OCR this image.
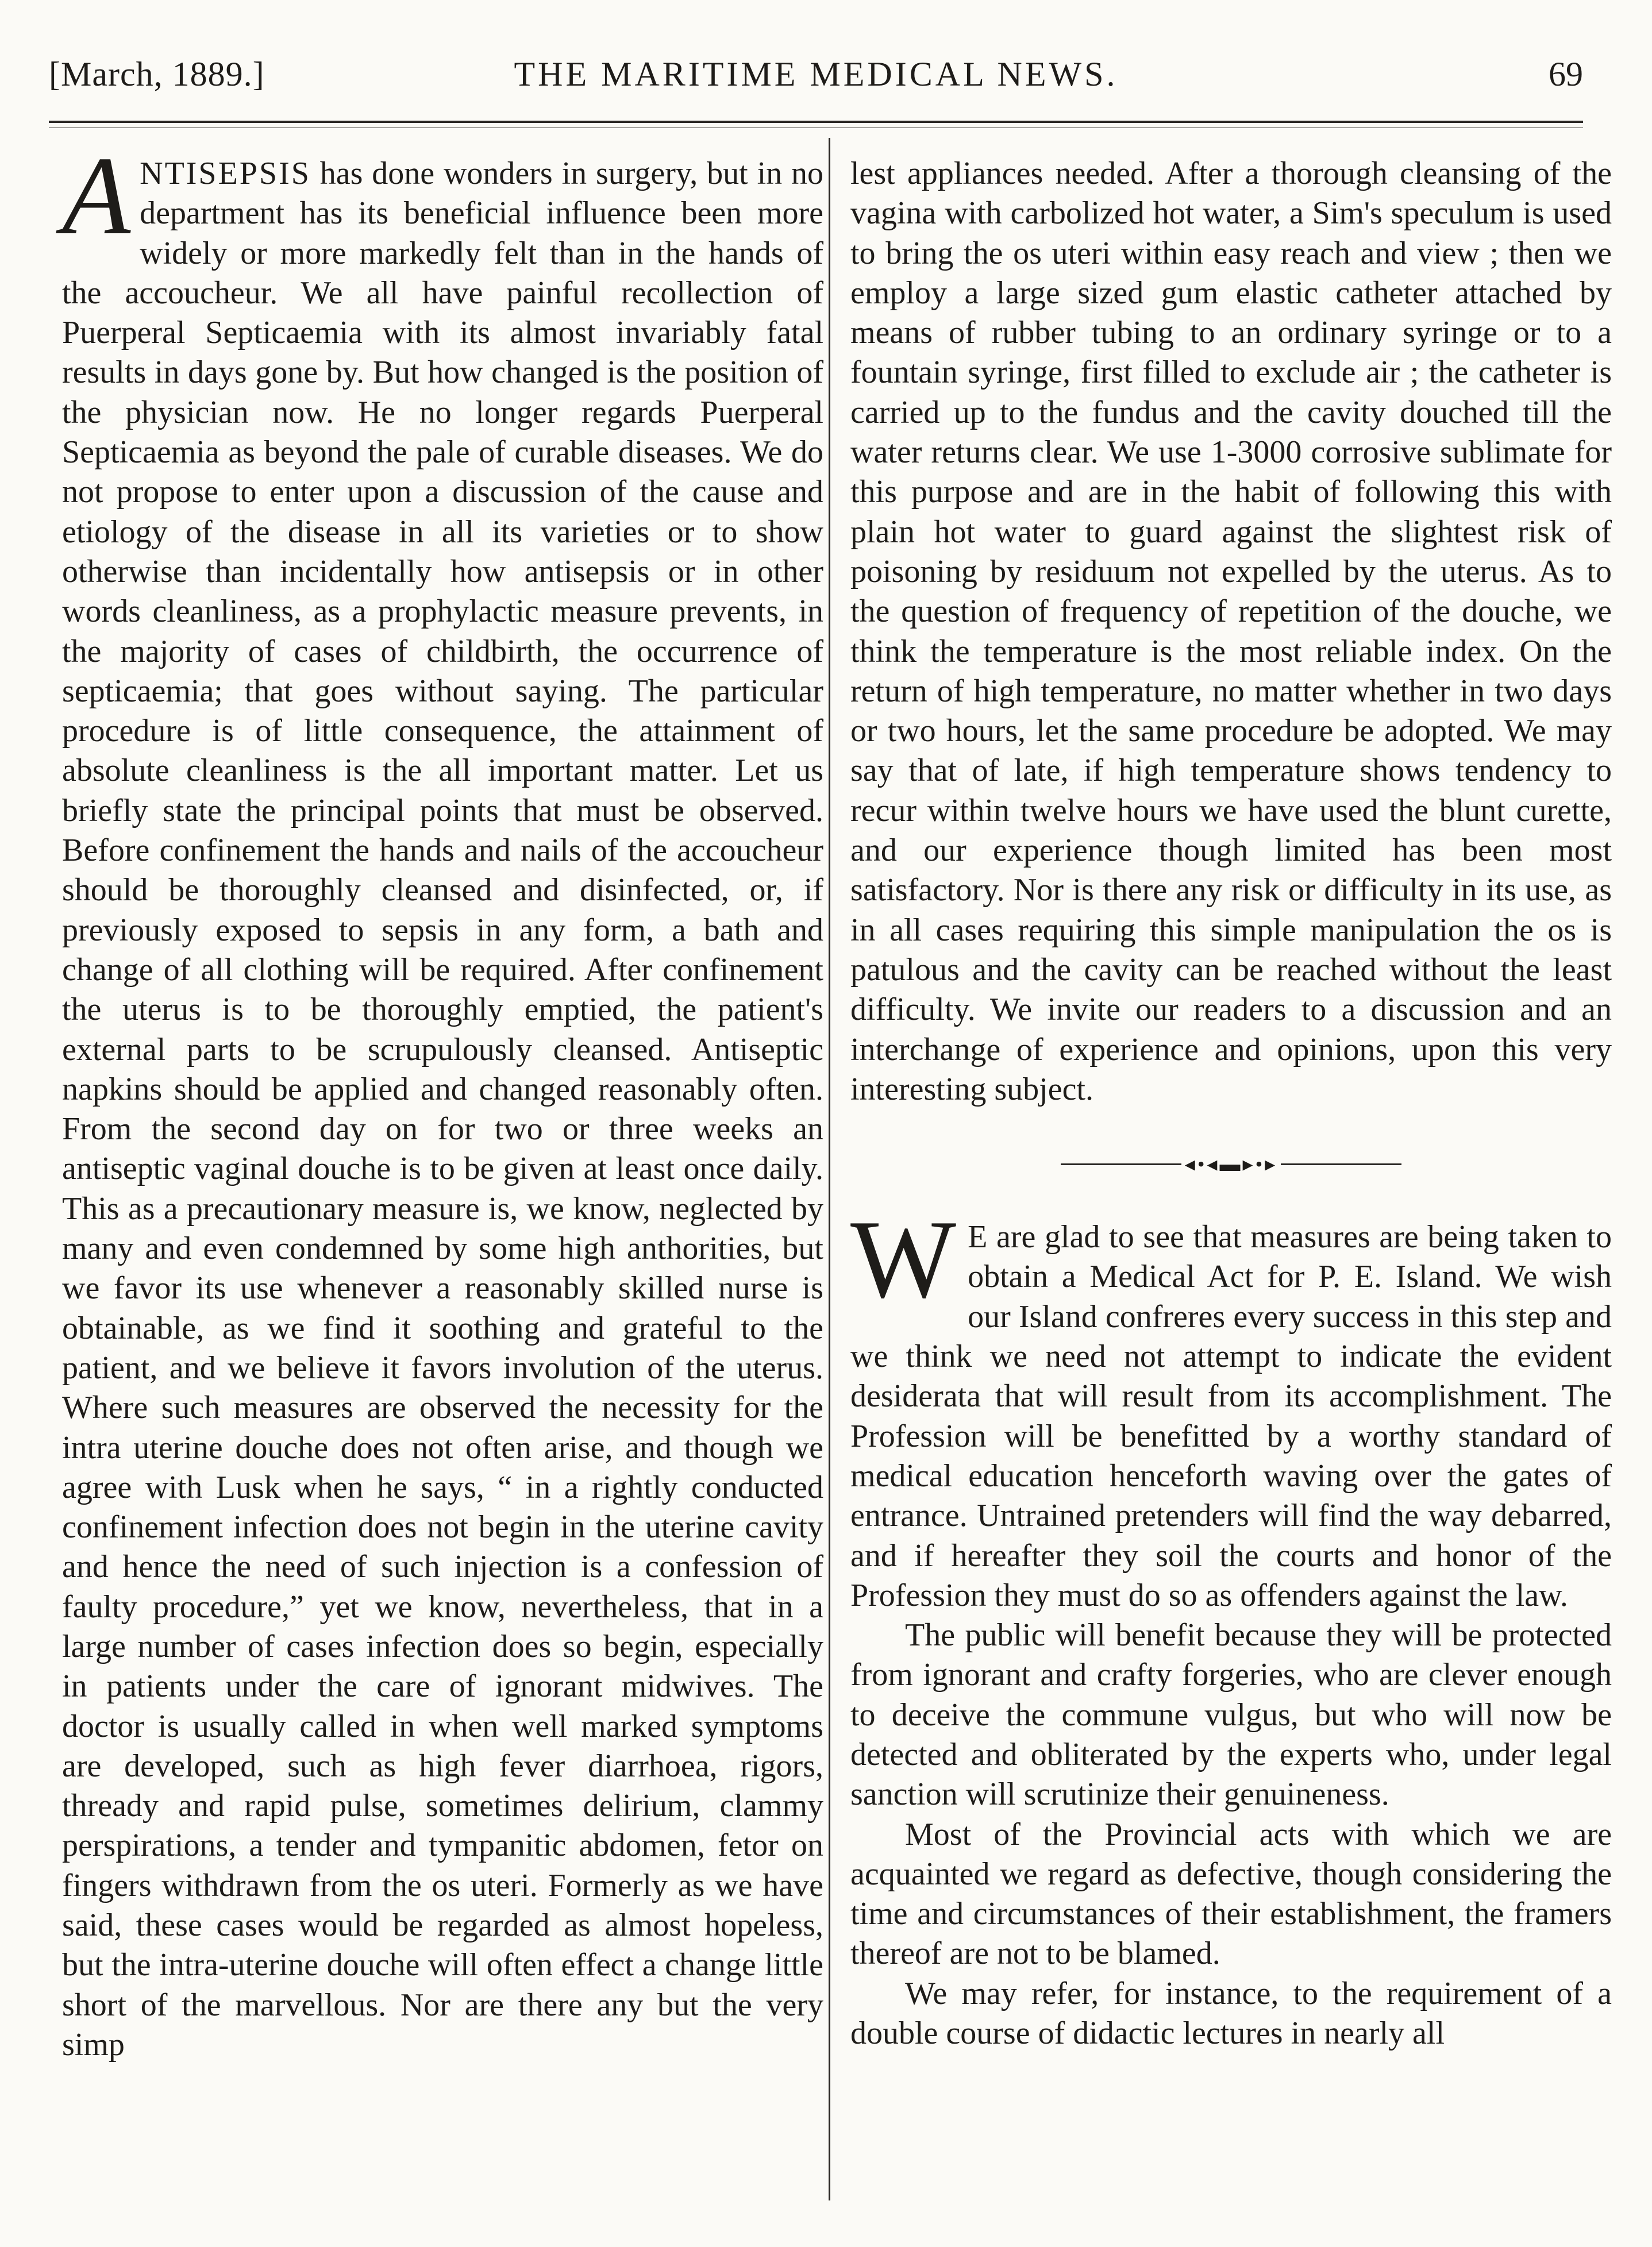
[March, 1889.]	THE MARITIME MEDICAL NEWS.	69

ANTISEPSIS has done wonders in surgery, but in no department has its beneficial influence been more widely or more markedly felt than in the hands of the accoucheur. We all have painful recollection of Puerperal Septicaemia with its almost invariably fatal results in days gone by. But how changed is the position of the physician now. He no longer regards Puerperal Septicaemia as beyond the pale of curable diseases. We do not propose to enter upon a discussion of the cause and etiology of the disease in all its varieties or to show otherwise than incidentally how antisepsis or in other words cleanliness, as a prophylactic measure prevents, in the majority of cases of childbirth, the occurrence of septicaemia; that goes without saying. The particular procedure is of little consequence, the attainment of absolute cleanliness is the all important matter. Let us briefly state the principal points that must be observed. Before confinement the hands and nails of the accoucheur should be thoroughly cleansed and disinfected, or, if previously exposed to sepsis in any form, a bath and change of all clothing will be required. After confinement the uterus is to be thoroughly emptied, the patient's external parts to be scrupulously cleansed. Antiseptic napkins should be applied and changed reasonably often. From the second day on for two or three weeks an antiseptic vaginal douche is to be given at least once daily. This as a precautionary measure is, we know, neglected by many and even condemned by some high anthorities, but we favor its use whenever a reasonably skilled nurse is obtainable, as we find it soothing and grateful to the patient, and we believe it favors involution of the uterus. Where such measures are observed the necessity for the intra uterine douche does not often arise, and though we agree with Lusk when he says, “ in a rightly conducted confinement infection does not begin in the uterine cavity and hence the need of such injection is a confession of faulty procedure,” yet we know, nevertheless, that in a large number of cases infection does so begin, especially in patients under the care of ignorant midwives. The doctor is usually called in when well marked symptoms are developed, such as high fever diarrhoea, rigors, thready and rapid pulse, sometimes delirium, clammy perspirations, a tender and tympanitic abdomen, fetor on fingers withdrawn from the os uteri. Formerly as we have said, these cases would be regarded as almost hopeless, but the intra-uterine douche will often effect a change little short of the marvellous. Nor are there any but the very simp

lest appliances needed. After a thorough cleansing of the vagina with carbolized hot water, a Sim's speculum is used to bring the os uteri within easy reach and view ; then we employ a large sized gum elastic catheter attached by means of rubber tubing to an ordinary syringe or to a fountain syringe, first filled to exclude air ; the catheter is carried up to the fundus and the cavity douched till the water returns clear. We use 1-3000 corrosive sublimate for this purpose and are in the habit of following this with plain hot water to guard against the slightest risk of poisoning by residuum not expelled by the uterus. As to the question of frequency of repetition of the douche, we think the temperature is the most reliable index. On the return of high temperature, no matter whether in two days or two hours, let the same procedure be adopted. We may say that of late, if high temperature shows tendency to recur within twelve hours we have used the blunt curette, and our experience though limited has been most satisfactory. Nor is there any risk or difficulty in its use, as in all cases requiring this simple manipulation the os is patulous and the cavity can be reached without the least difficulty. We invite our readers to a discussion and an interchange of experience and opinions, upon this very interesting subject.

◂•◂▬▸•▸

W E are glad to see that measures are being taken to obtain a Medical Act for P. E. Island. We wish our Island confreres every success in this step and we think we need not attempt to indicate the evident desiderata that will result from its accomplishment. The Profession will be benefitted by a worthy standard of medical education henceforth waving over the gates of entrance. Untrained pretenders will find the way debarred, and if hereafter they soil the courts and honor of the Profession they must do so as offenders against the law.

The public will benefit because they will be protected from ignorant and crafty forgeries, who are clever enough to deceive the commune vulgus, but who will now be detected and obliterated by the experts who, under legal sanction will scrutinize their genuineness.

Most of the Provincial acts with which we are acquainted we regard as defective, though considering the time and circumstances of their establishment, the framers thereof are not to be blamed.

We may refer, for instance, to the requirement of a double course of didactic lectures in nearly all
